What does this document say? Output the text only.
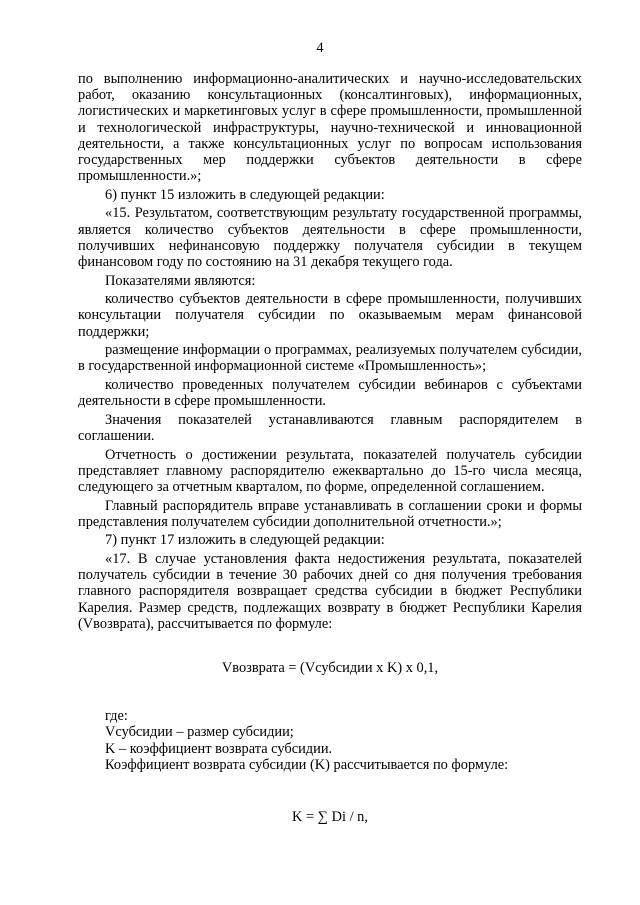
4

по выполнению информационно-аналитических и научно-исследовательских работ, оказанию консультационных (консалтинговых), информационных, логистических и маркетинговых услуг в сфере промышленности, промышленной и технологической инфраструктуры, научно-технической и инновационной деятельности, а также консультационных услуг по вопросам использования государственных мер поддержки субъектов деятельности в сфере промышленности.»;

6) пункт 15 изложить в следующей редакции:

«15. Результатом, соответствующим результату государственной программы, является количество субъектов деятельности в сфере промышленности, получивших нефинансовую поддержку получателя субсидии в текущем финансовом году по состоянию на 31 декабря текущего года.

Показателями являются:

количество субъектов деятельности в сфере промышленности, получивших консультации получателя субсидии по оказываемым мерам финансовой поддержки;

размещение информации о программах, реализуемых получателем субсидии, в государственной информационной системе «Промышленность»;

количество проведенных получателем субсидии вебинаров с субъектами деятельности в сфере промышленности.

Значения показателей устанавливаются главным распорядителем в соглашении.

Отчетность о достижении результата, показателей получатель субсидии представляет главному распорядителю ежеквартально до 15-го числа месяца, следующего за отчетным кварталом, по форме, определенной соглашением.

Главный распорядитель вправе устанавливать в соглашении сроки и формы представления получателем субсидии дополнительной отчетности.»;

7) пункт 17 изложить в следующей редакции:

«17. В случае установления факта недостижения результата, показателей получатель субсидии в течение 30 рабочих дней со дня получения требования главного распорядителя возвращает средства субсидии в бюджет Республики Карелия. Размер средств, подлежащих возврату в бюджет Республики Карелия (Vвозврата), рассчитывается по формуле:

Vвозврата = (Vсубсидии x K) x 0,1,

где:

Vсубсидии – размер субсидии;

K – коэффициент возврата субсидии.

Коэффициент возврата субсидии (K) рассчитывается по формуле:

K = ∑ Di / n,
